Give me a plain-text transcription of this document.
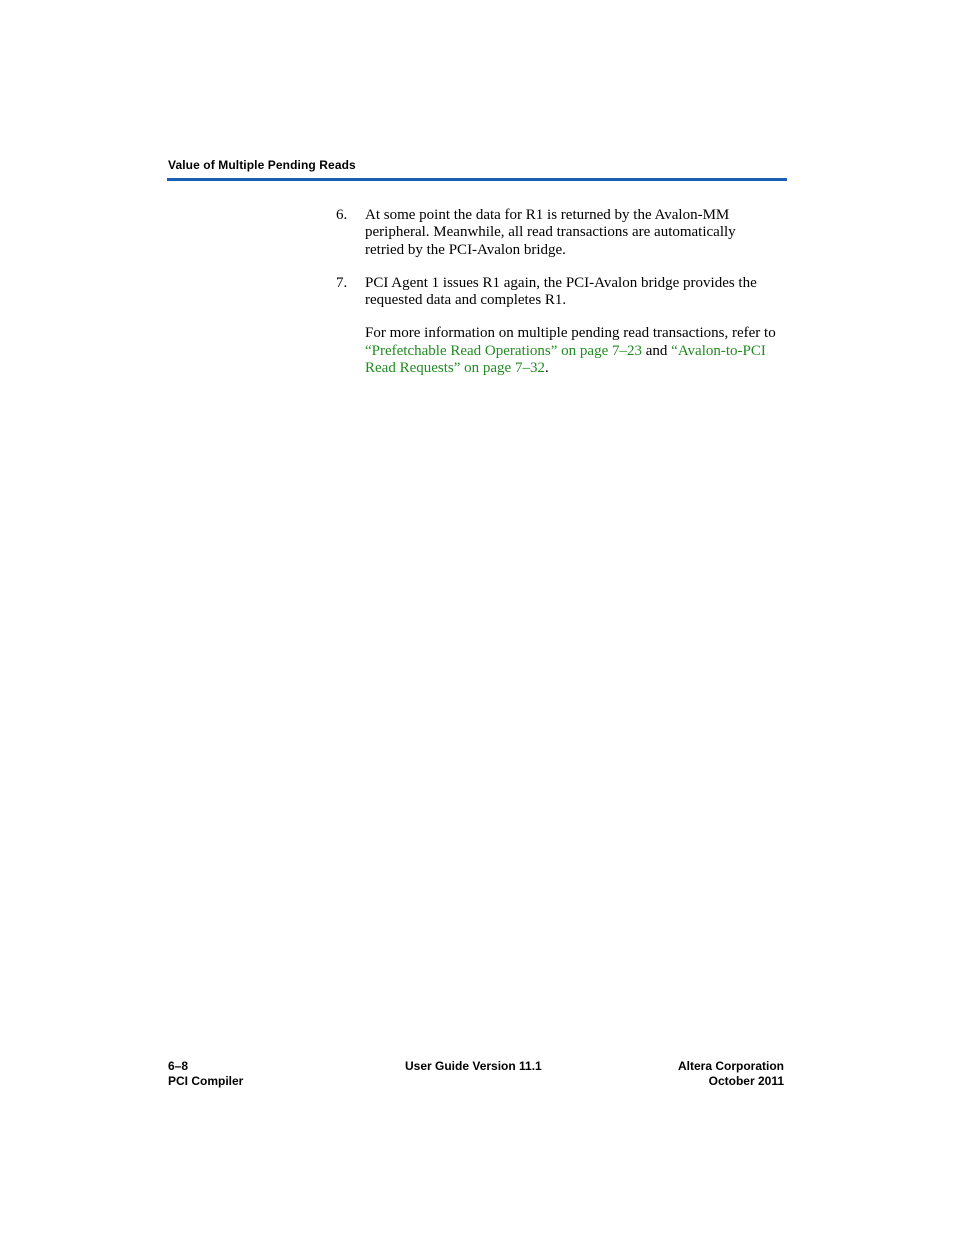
Value of Multiple Pending Reads
6. At some point the data for R1 is returned by the Avalon-MM
peripheral. Meanwhile, all read transactions are automatically
retried by the PCI-Avalon bridge.
7. PCI Agent 1 issues R1 again, the PCI-Avalon bridge provides the
requested data and completes R1.
For more information on multiple pending read transactions, refer to
“Prefetchable Read Operations” on page 7–23 and “Avalon-to-PCI
Read Requests” on page 7–32.
6–8
PCI Compiler
User Guide Version 11.1	Altera Corporation
October 2011
